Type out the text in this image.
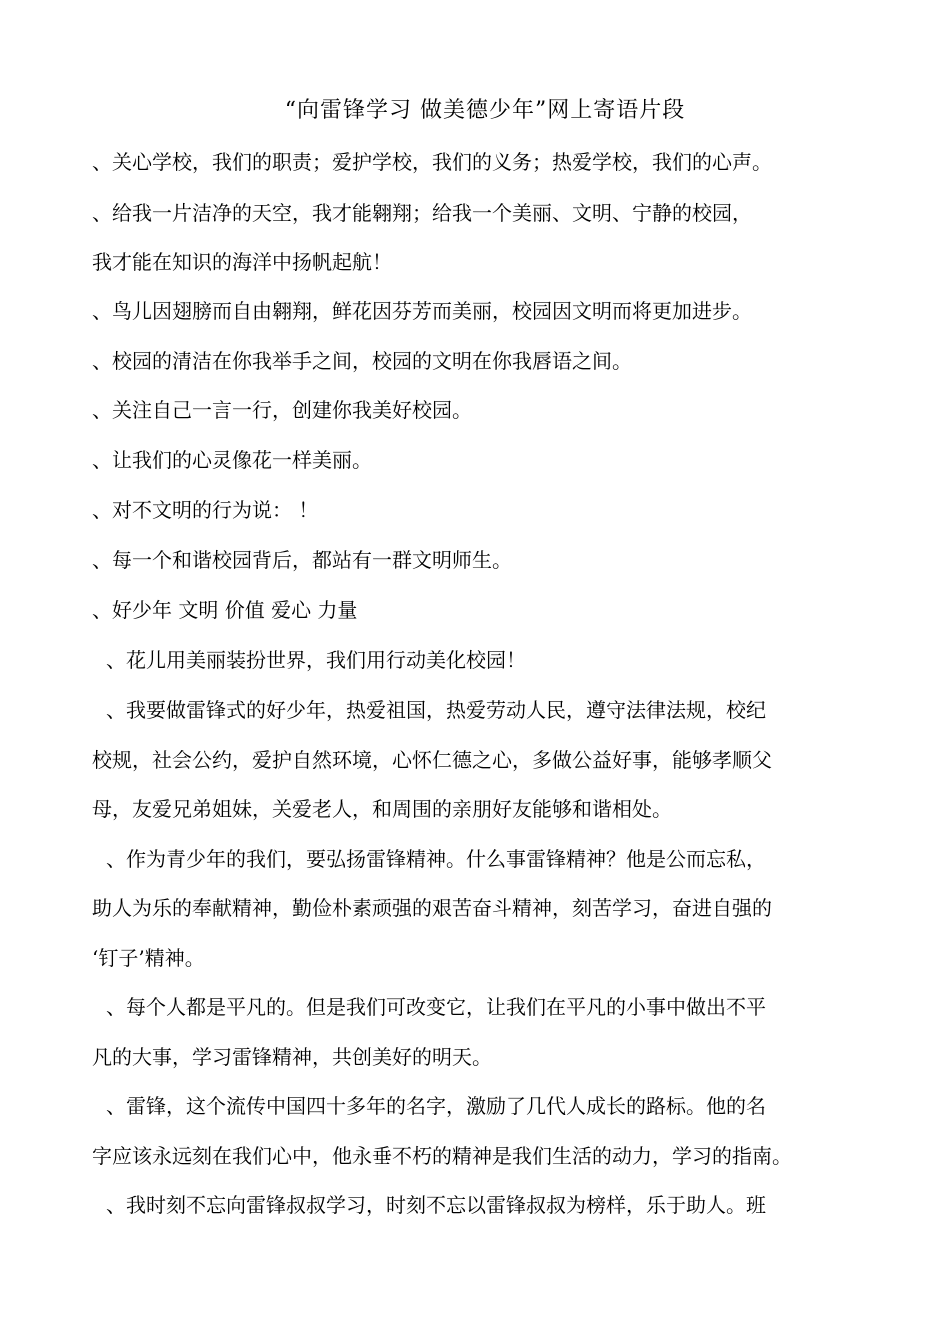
“向雷锋学习 做美德少年”网上寄语片段
、关心学校，我们的职责；爱护学校，我们的义务；热爱学校，我们的心声。
、给我一片洁净的天空，我才能翱翔；给我一个美丽、文明、宁静的校园，
我才能在知识的海洋中扬帆起航！
、鸟儿因翅膀而自由翱翔，鲜花因芬芳而美丽，校园因文明而将更加进步。
、校园的清洁在你我举手之间，校园的文明在你我唇语之间。
、关注自己一言一行，创建你我美好校园。
、让我们的心灵像花一样美丽。
、对不文明的行为说： ！
、每一个和谐校园背后，都站有一群文明师生。
、好少年 文明 价值 爱心 力量
、花儿用美丽装扮世界，我们用行动美化校园！
、我要做雷锋式的好少年，热爱祖国，热爱劳动人民，遵守法律法规，校纪
校规，社会公约，爱护自然环境，心怀仁德之心，多做公益好事，能够孝顺父
母，友爱兄弟姐妹，关爱老人，和周围的亲朋好友能够和谐相处。
、作为青少年的我们，要弘扬雷锋精神。什么事雷锋精神？他是公而忘私，
助人为乐的奉献精神，勤俭朴素顽强的艰苦奋斗精神，刻苦学习，奋进自强的
‘钉子’精神。
、每个人都是平凡的。但是我们可改变它，让我们在平凡的小事中做出不平
凡的大事，学习雷锋精神，共创美好的明天。
、雷锋，这个流传中国四十多年的名字，激励了几代人成长的路标。他的名
字应该永远刻在我们心中，他永垂不朽的精神是我们生活的动力，学习的指南。
、我时刻不忘向雷锋叔叔学习，时刻不忘以雷锋叔叔为榜样，乐于助人。班
